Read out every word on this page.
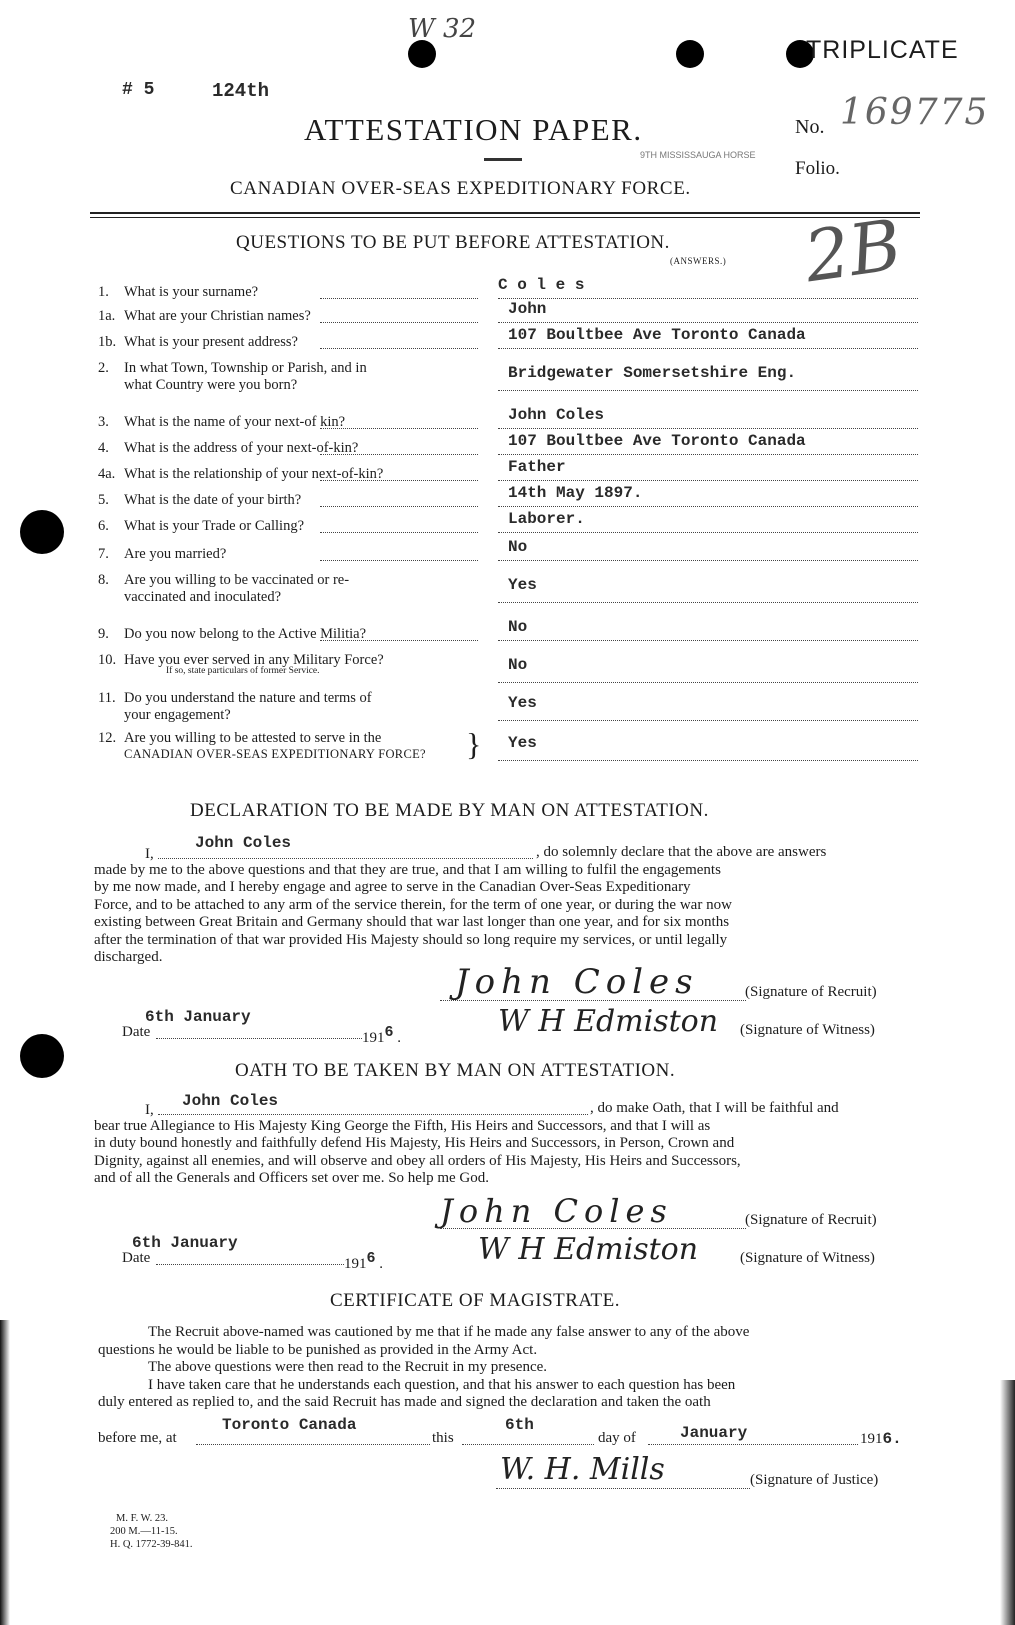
W 32
# 5	124th
ATTESTATION PAPER.
9TH MISSISSAUGA HORSE
CANADIAN OVER-SEAS EXPEDITIONARY FORCE.
TRIPLICATE
No. 169775
Folio.
2B
QUESTIONS TO BE PUT BEFORE ATTESTATION.
(ANSWERS.)
1. What is your surname?	C o l e s
1a. What are your Christian names?	John
1b. What is your present address?	107 Boultbee Ave Toronto Canada
2. In what Town, Township or Parish, and in
what Country were you born?
Bridgewater Somersetshire Eng.
3. What is the name of your next-of kin?	John Coles
4. What is the address of your next-of-kin?	107 Boultbee Ave Toronto Canada
4a. What is the relationship of your next-of-kin?	Father
5. What is the date of your birth?	14th May 1897.
6. What is your Trade or Calling?	Laborer.
7. Are you married?	No
8. Are you willing to be vaccinated or re-
vaccinated and inoculated?
Yes
9. Do you now belong to the Active Militia?	No
10. Have you ever served in any Military Force?
If so, state particulars of former Service.	No
11. Do you understand the nature and terms of
your engagement?
Yes
12. Are you willing to be attested to serve in the
CANADIAN OVER-SEAS EXPEDITIONARY FORCE?
Yes
}
DECLARATION TO BE MADE BY MAN ON ATTESTATION.
I,
John Coles	, do solemnly declare that the above are answers
made by me to the above questions and that they are true, and that I am willing to fulfil the engagements
by me now made, and I hereby engage and agree to serve in the Canadian Over-Seas Expeditionary
Force, and to be attached to any arm of the service therein, for the term of one year, or during the war now
existing between Great Britain and Germany should that war last longer than one year, and for six months
after the termination of that war provided His Majesty should so long require my services, or until legally
discharged.
John Coles	(Signature of Recruit)
Date
6th January
$191^6$ .	W H Edmiston (Signature of Witness)
OATH TO BE TAKEN BY MAN ON ATTESTATION.
I, John Coles	, do make Oath, that I will be faithful and
bear true Allegiance to His Majesty King George the Fifth, His Heirs and Successors, and that I will as
in duty bound honestly and faithfully defend His Majesty, His Heirs and Successors, in Person, Crown and
Dignity, against all enemies, and will observe and obey all orders of His Majesty, His Heirs and Successors,
and of all the Generals and Officers set over me. So help me God.
John Coles	(Signature of Recruit)
Date
6th January
$191^6$ .	W H Edmiston	(Signature of Witness)
CERTIFICATE OF MAGISTRATE.
The Recruit above-named was cautioned by me that if he made any false answer to any of the above
questions he would be liable to be punished as provided in the Army Act.
The above questions were then read to the Recruit in my presence.
I have taken care that he understands each question, and that his answer to each question has been
duly entered as replied to, and the said Recruit has made and signed the declaration and taken the oath
before me, at
Toronto Canada
this
6th
day of	January	1916.
W. H. Mills	(Signature of Justice)
M. F. W. 23.
200 M.—11-15.
H. Q. 1772-39-841.
